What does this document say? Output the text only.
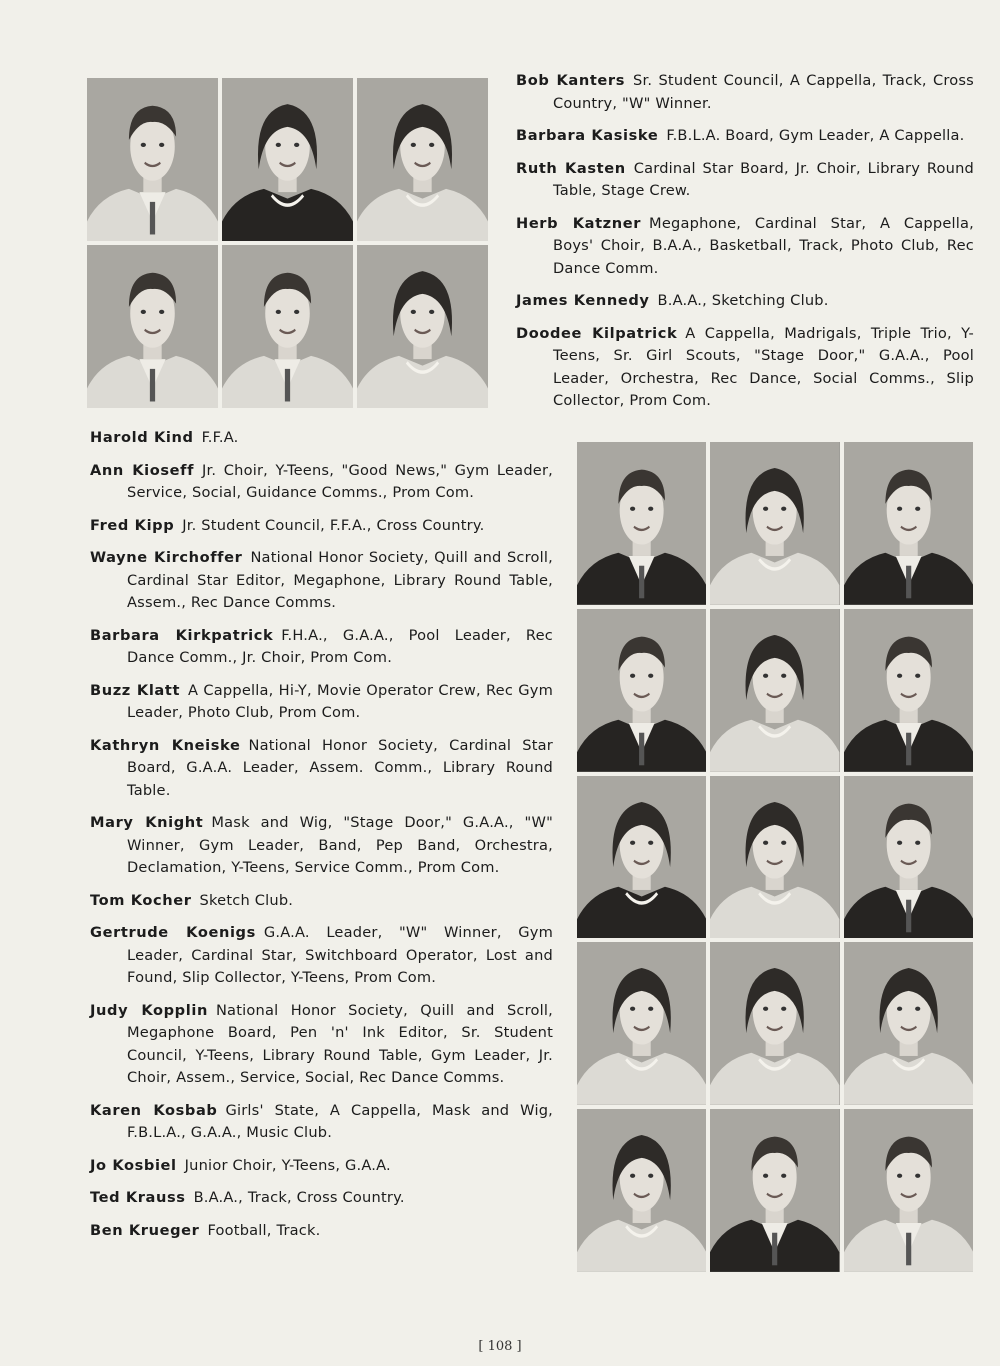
Bob Kanters Sr. Student Council, A Cappella, Track, Cross Country, "W" Winner.

Barbara Kasiske F.B.L.A. Board, Gym Leader, A Cappella.

Ruth Kasten Cardinal Star Board, Jr. Choir, Library Round Table, Stage Crew.

Herb Katzner Megaphone, Cardinal Star, A Cappella, Boys' Choir, B.A.A., Basketball, Track, Photo Club, Rec Dance Comm.

James Kennedy B.A.A., Sketching Club.

Doodee Kilpatrick A Cappella, Madrigals, Triple Trio, Y-Teens, Sr. Girl Scouts, "Stage Door," G.A.A., Pool Leader, Orchestra, Rec Dance, Social Comms., Slip Collector, Prom Com.

Harold Kind F.F.A.

Ann Kioseff Jr. Choir, Y-Teens, "Good News," Gym Leader, Service, Social, Guidance Comms., Prom Com.

Fred Kipp Jr. Student Council, F.F.A., Cross Country.

Wayne Kirchoffer National Honor Society, Quill and Scroll, Cardinal Star Editor, Megaphone, Library Round Table, Assem., Rec Dance Comms.

Barbara Kirkpatrick F.H.A., G.A.A., Pool Leader, Rec Dance Comm., Jr. Choir, Prom Com.

Buzz Klatt A Cappella, Hi-Y, Movie Operator Crew, Rec Gym Leader, Photo Club, Prom Com.

Kathryn Kneiske National Honor Society, Cardinal Star Board, G.A.A. Leader, Assem. Comm., Library Round Table.

Mary Knight Mask and Wig, "Stage Door," G.A.A., "W" Winner, Gym Leader, Band, Pep Band, Orchestra, Declamation, Y-Teens, Service Comm., Prom Com.

Tom Kocher Sketch Club.

Gertrude Koenigs G.A.A. Leader, "W" Winner, Gym Leader, Cardinal Star, Switchboard Operator, Lost and Found, Slip Collector, Y-Teens, Prom Com.

Judy Kopplin National Honor Society, Quill and Scroll, Megaphone Board, Pen 'n' Ink Editor, Sr. Student Council, Y-Teens, Library Round Table, Gym Leader, Jr. Choir, Assem., Service, Social, Rec Dance Comms.

Karen Kosbab Girls' State, A Cappella, Mask and Wig, F.B.L.A., G.A.A., Music Club.

Jo Kosbiel Junior Choir, Y-Teens, G.A.A.

Ted Krauss B.A.A., Track, Cross Country.

Ben Krueger Football, Track.

[ 108 ]
